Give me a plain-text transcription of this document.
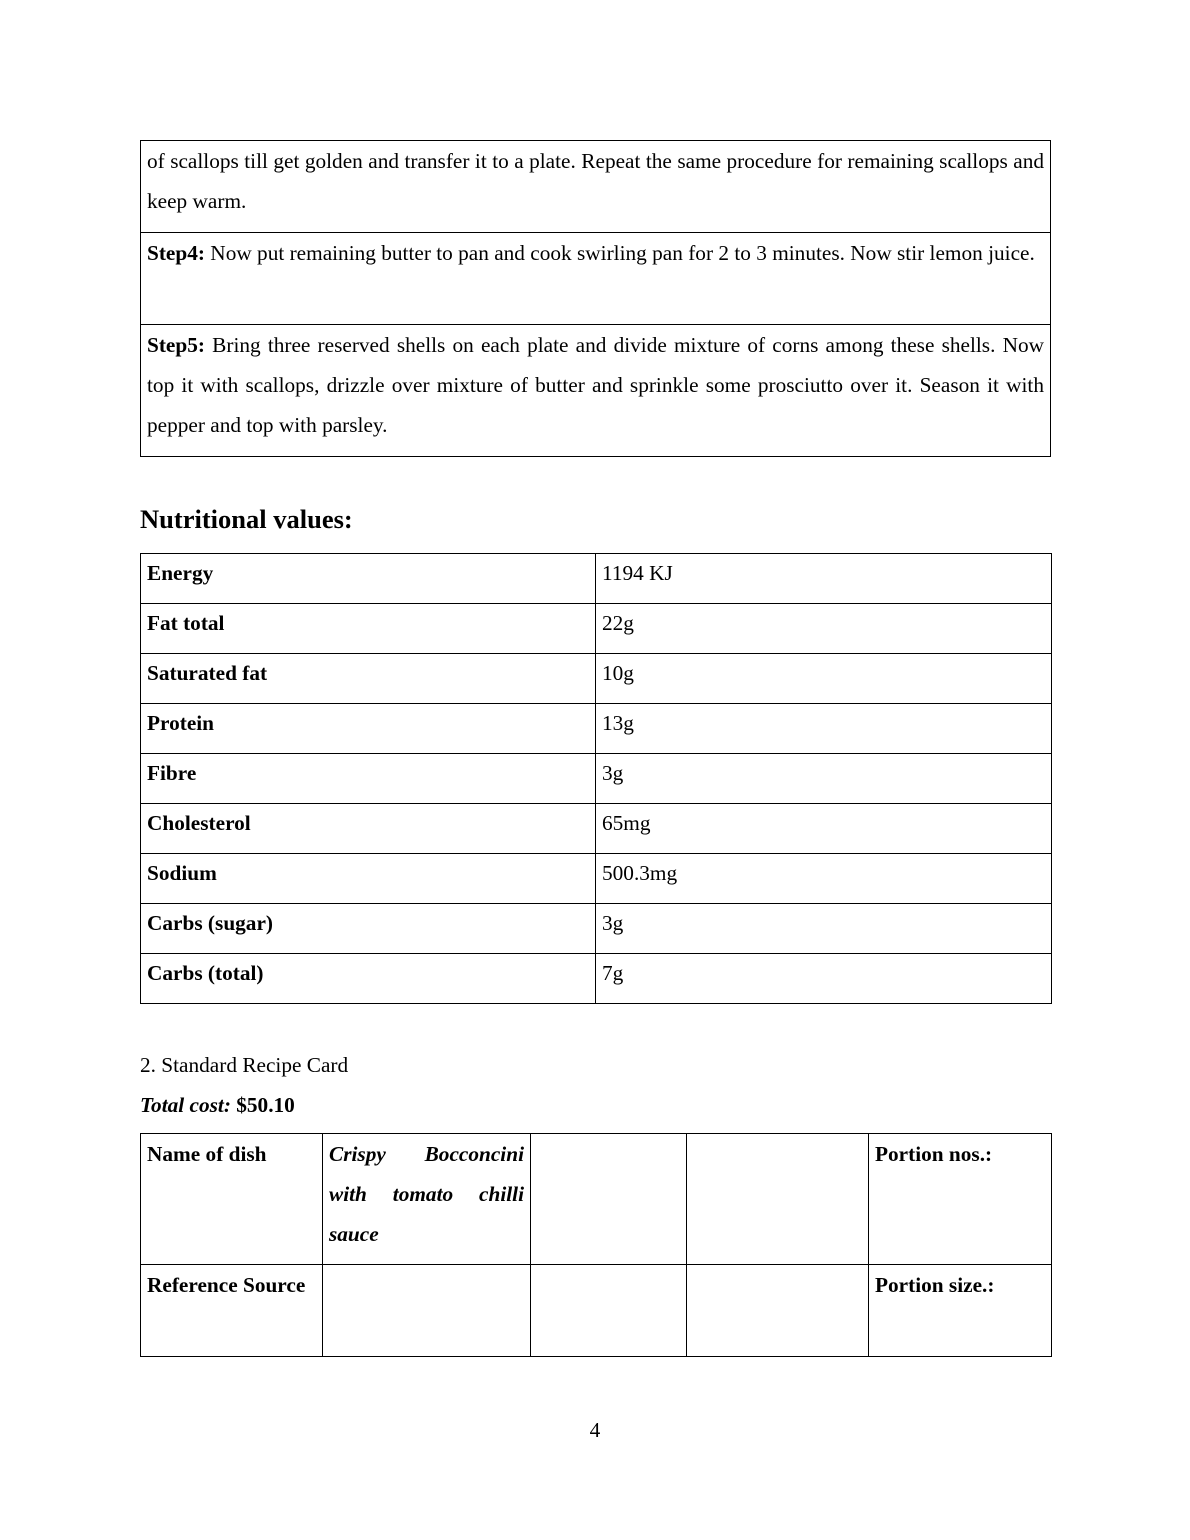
of scallops till get golden and transfer it to a plate. Repeat the same procedure for remaining scallops and keep warm.
Step4: Now put remaining butter to pan and cook swirling pan for 2 to 3 minutes. Now stir lemon juice.
Step5: Bring three reserved shells on each plate and divide mixture of corns among these shells. Now top it with scallops, drizzle over mixture of butter and sprinkle some prosciutto over it. Season it with pepper and top with parsley.
Nutritional values:
Energy	1194 KJ
Fat total	22g
Saturated fat	10g
Protein	13g
Fibre	3g
Cholesterol	65mg
Sodium	500.3mg
Carbs (sugar)	3g
Carbs (total)	7g

2. Standard Recipe Card

Total cost: $50.10

Name of dish	Crispy Bocconcini with tomato chilli sauce			Portion nos.:
Reference Source				Portion size.:
4
